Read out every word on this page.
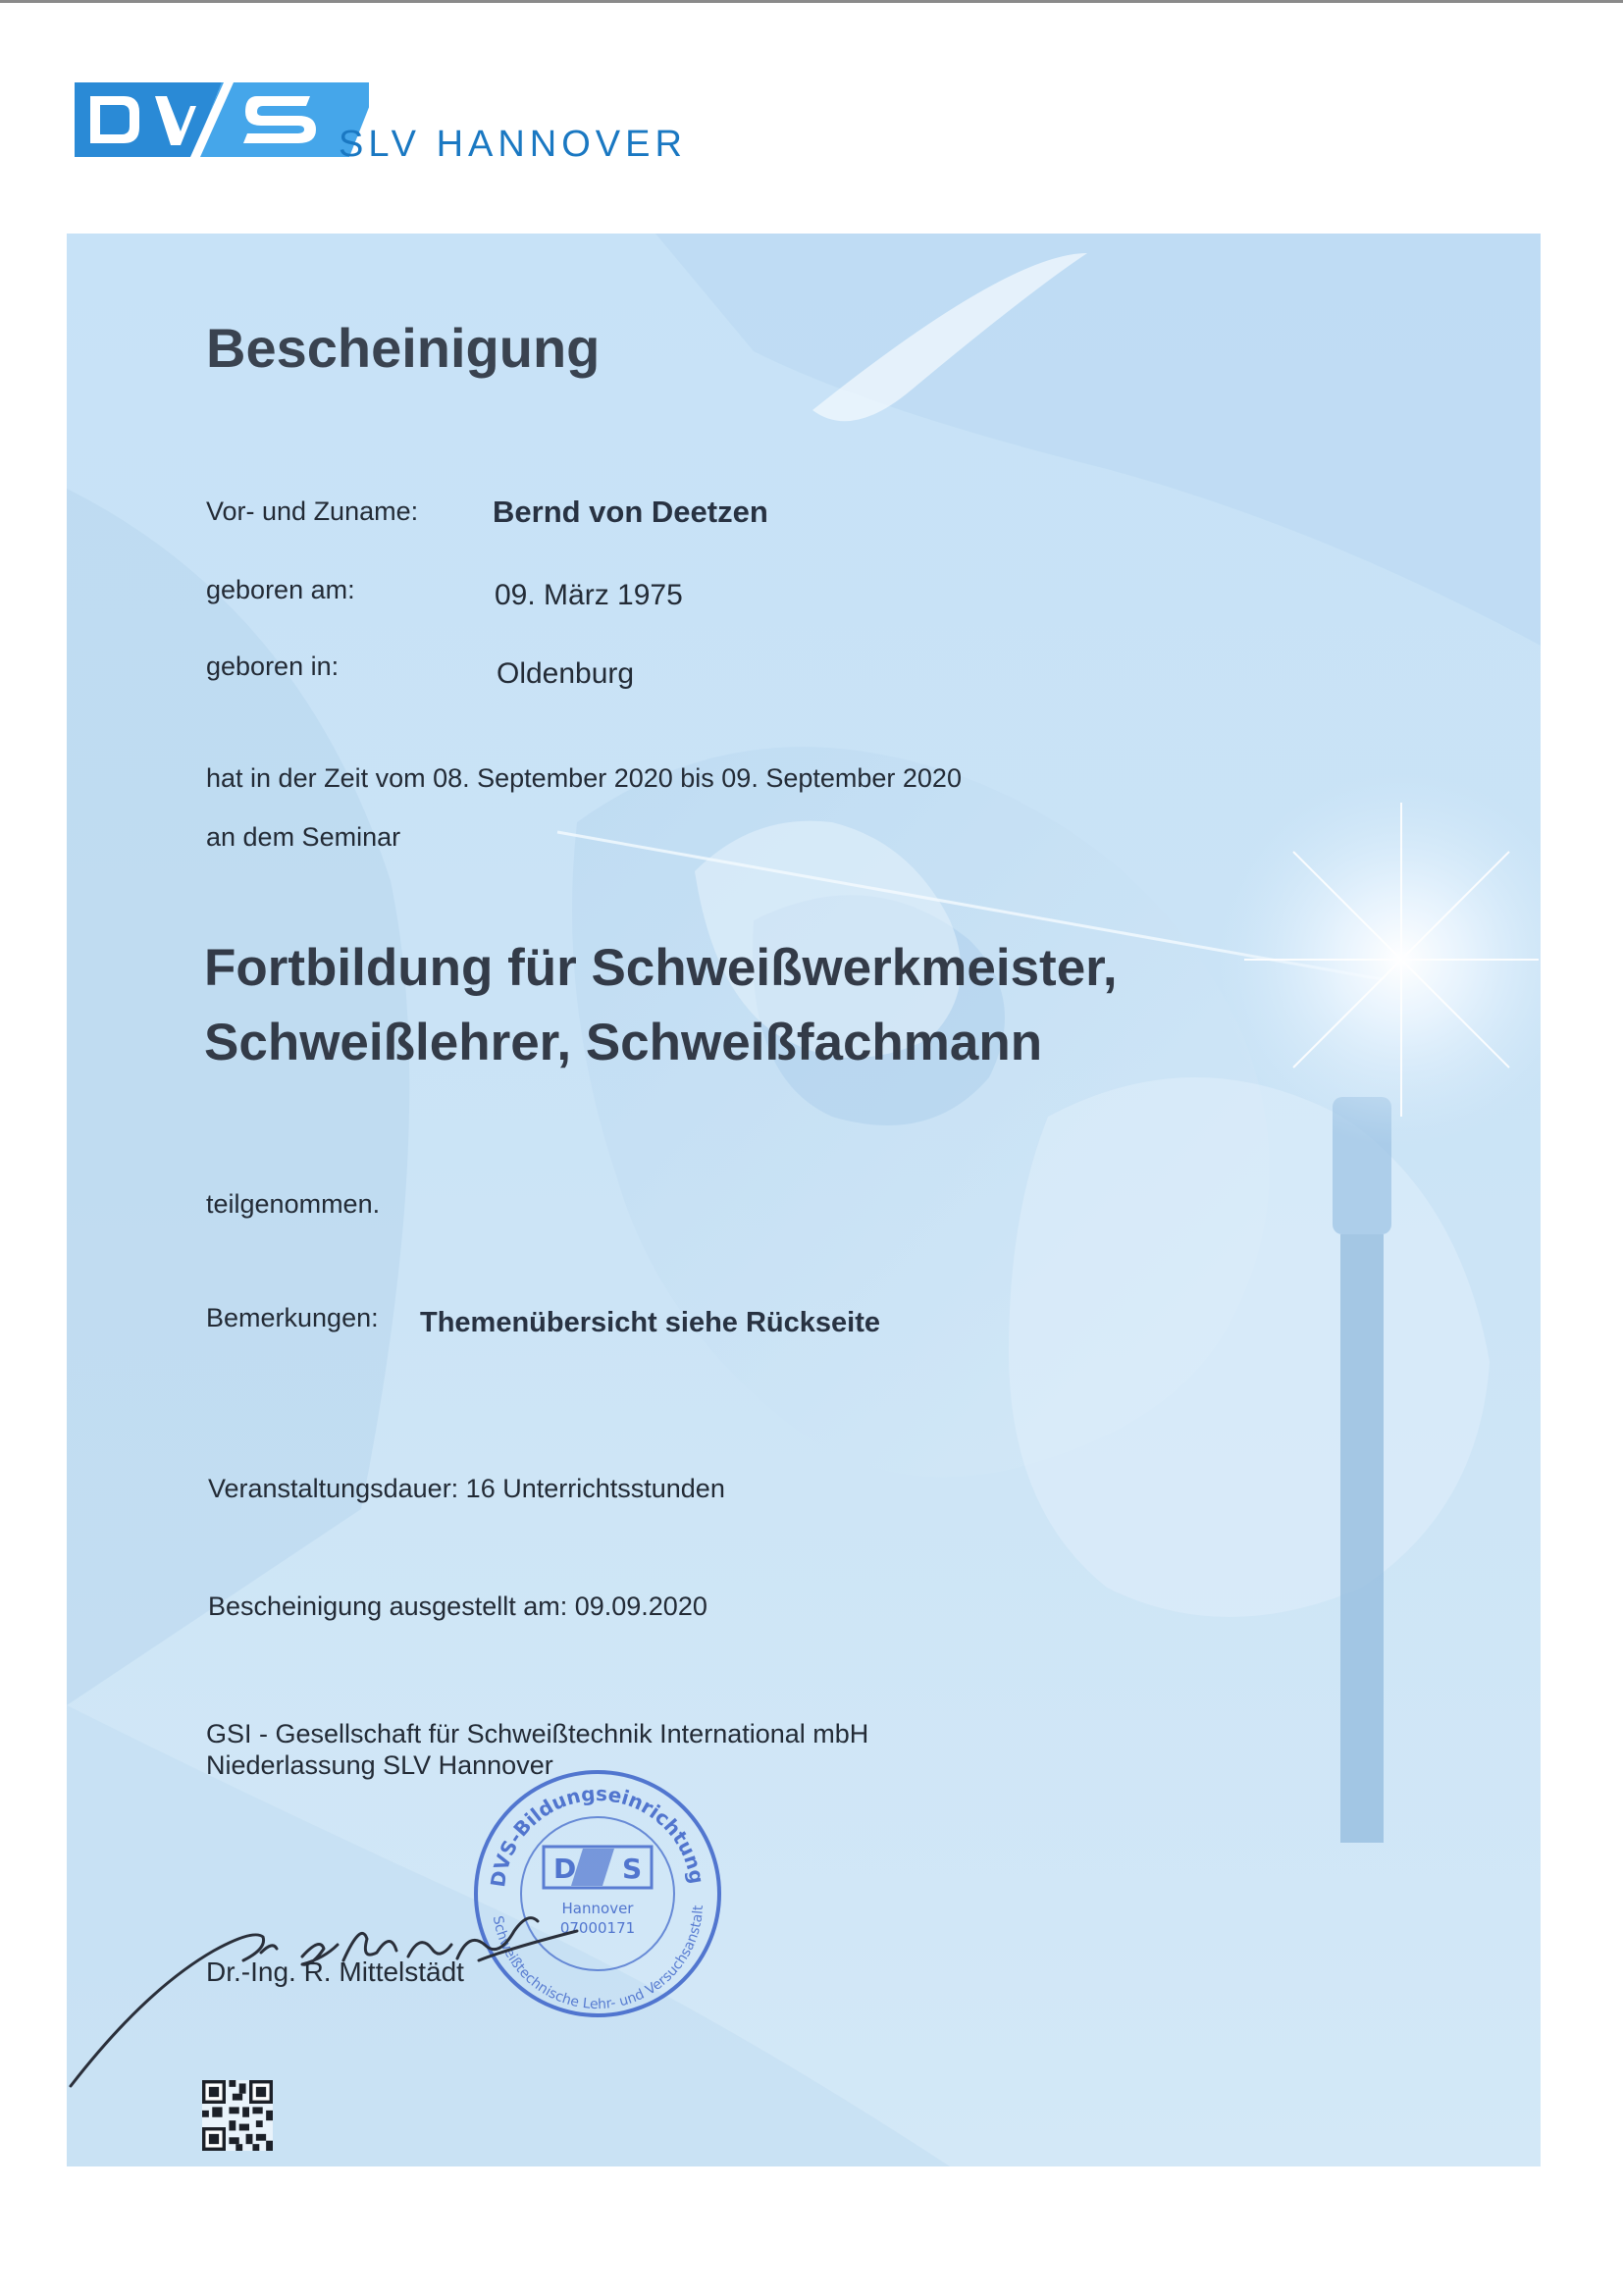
SLV HANNOVER
Bescheinigung
Vor- und Zuname: Bernd von Deetzen
geboren am:	09. März 1975
geboren in:	Oldenburg
hat in der Zeit vom 08. September 2020 bis 09. September 2020
an dem Seminar
Fortbildung für Schweißwerkmeister,
Schweißlehrer, Schweißfachmann
teilgenommen.
Bemerkungen: Themenübersicht siehe Rückseite
Veranstaltungsdauer: 16 Unterrichtsstunden
Bescheinigung ausgestellt am: 09.09.2020
GSI - Gesellschaft für Schweißtechnik International mbH
Niederlassung SLV Hannover
DVS-Bildungseinrichtung
Schweißtechnische Lehr- und Versuchsanstalt
D S
Hannover
07000171
Dr.-Ing. R. Mittelstädt
